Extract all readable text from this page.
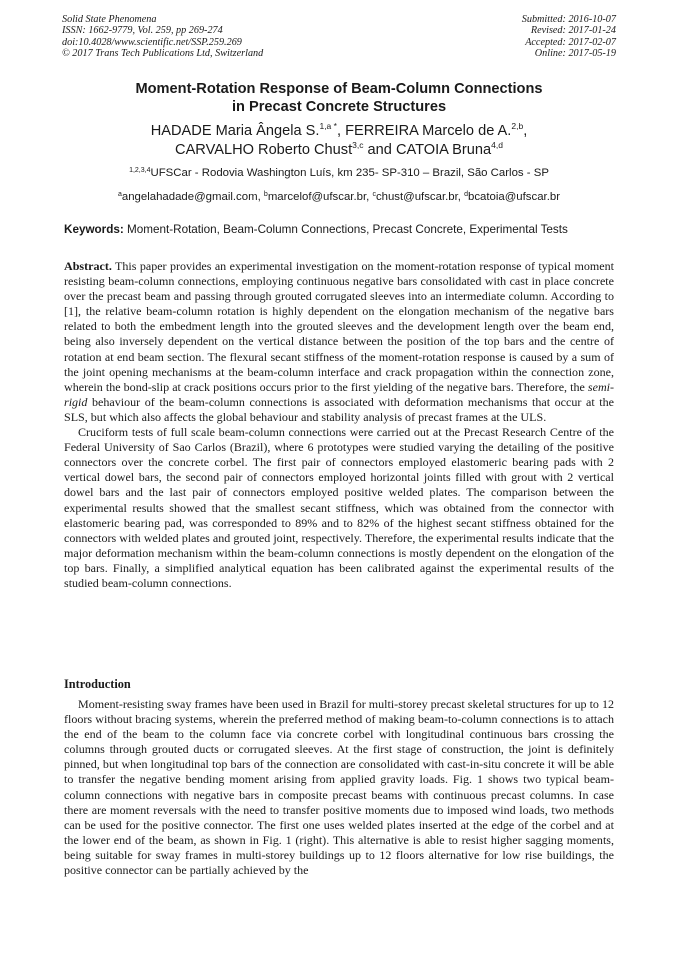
Solid State Phenomena
ISSN: 1662-9779, Vol. 259, pp 269-274
doi:10.4028/www.scientific.net/SSP.259.269
© 2017 Trans Tech Publications Ltd, Switzerland
Submitted: 2016-10-07
Revised: 2017-01-24
Accepted: 2017-02-07
Online: 2017-05-19
Moment-Rotation Response of Beam-Column Connections
in Precast Concrete Structures
HADADE Maria Ângela S.$^{1,a *}$, FERREIRA Marcelo de A.$^{2,b}$,
CARVALHO Roberto Chust$^{3,c}$ and CATOIA Bruna$^{4,d}$
$^{1,2,3,4}$UFSCar - Rodovia Washington Luís, km 235- SP-310 – Brazil, São Carlos - SP
$^a$angelahadade@gmail.com, $^b$marcelof@ufscar.br, $^c$chust@ufscar.br, $^d$bcatoia@ufscar.br
Keywords: Moment-Rotation, Beam-Column Connections, Precast Concrete, Experimental Tests

Abstract. This paper provides an experimental investigation on the moment-rotation response of typical moment resisting beam-column connections, employing continuous negative bars consolidated with cast in place concrete over the precast beam and passing through grouted corrugated sleeves into an intermediate column. According to [1], the relative beam-column rotation is highly dependent on the elongation mechanism of the negative bars related to both the embedment length into the grouted sleeves and the development length over the beam end, being also inversely dependent on the vertical distance between the position of the top bars and the centre of rotation at end beam section. The flexural secant stiffness of the moment-rotation response is caused by a sum of the joint opening mechanisms at the beam-column interface and crack propagation within the connection zone, wherein the bond-slip at crack positions occurs prior to the first yielding of the negative bars. Therefore, the semi-rigid behaviour of the beam-column connections is associated with deformation mechanisms that occur at the SLS, but which also affects the global behaviour and stability analysis of precast frames at the ULS.

Cruciform tests of full scale beam-column connections were carried out at the Precast Research Centre of the Federal University of Sao Carlos (Brazil), where 6 prototypes were studied varying the detailing of the positive connectors over the concrete corbel. The first pair of connectors employed elastomeric bearing pads with 2 vertical dowel bars, the second pair of connectors employed horizontal joints filled with grout with 2 vertical dowel bars and the last pair of connectors employed positive welded plates. The comparison between the experimental results showed that the smallest secant stiffness, which was obtained from the connector with elastomeric bearing pad, was corresponded to 89% and to 82% of the highest secant stiffness obtained for the connectors with welded plates and grouted joint, respectively. Therefore, the experimental results indicate that the major deformation mechanism within the beam-column connections is mostly dependent on the elongation of the top bars. Finally, a simplified analytical equation has been calibrated against the experimental results of the studied beam-column connections.

Introduction

Moment-resisting sway frames have been used in Brazil for multi-storey precast skeletal structures for up to 12 floors without bracing systems, wherein the preferred method of making beam-to-column connections is to attach the end of the beam to the column face via concrete corbel with longitudinal continuous bars crossing the columns through grouted ducts or corrugated sleeves. At the first stage of construction, the joint is definitely pinned, but when longitudinal top bars of the connection are consolidated with cast-in-situ concrete it will be able to transfer the negative bending moment arising from applied gravity loads. Fig. 1 shows two typical beam-column connections with negative bars in composite precast beams with continuous precast columns. In case there are moment reversals with the need to transfer positive moments due to imposed wind loads, two methods can be used for the positive connector. The first one uses welded plates inserted at the edge of the corbel and at the lower end of the beam, as shown in Fig. 1 (right). This alternative is able to resist higher sagging moments, being suitable for sway frames in multi-storey buildings up to 12 floors alternative for low rise buildings, the positive connector can be partially achieved by the
